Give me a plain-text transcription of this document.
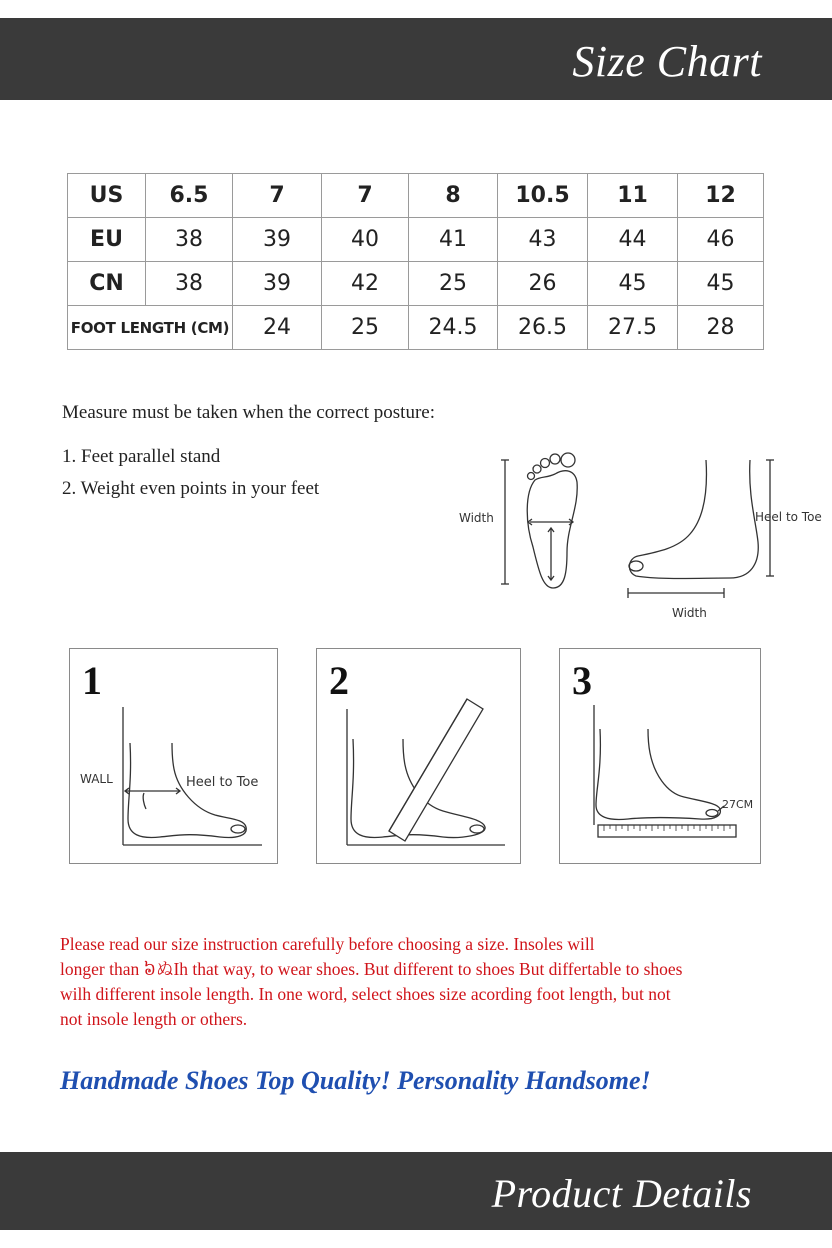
Size Chart
US	6.5	7	7	8	10.5	11	12
EU	38	39	40	41	43	44	46
CN	38	39	42	25	26	45	45
FOOT LENGTH (CM)		24	25	24.5	26.5	27.5	28
Measure must be taken when the correct posture:
1. Feet parallel stand
2. Weight even points in your feet
Width	Heel to Toe
Width
1
WALL	Heel to Toe
2	3
27CM
Please read our size instruction carefully before choosing a size. Insoles will
longer than ៦ぬIh that way, to wear shoes. But different to shoes But differtable to shoes
wilh different insole length. In one word, select shoes size acording foot length, but not
not insole length or others.
Handmade Shoes Top Quality! Personality Handsome!
Product Details
